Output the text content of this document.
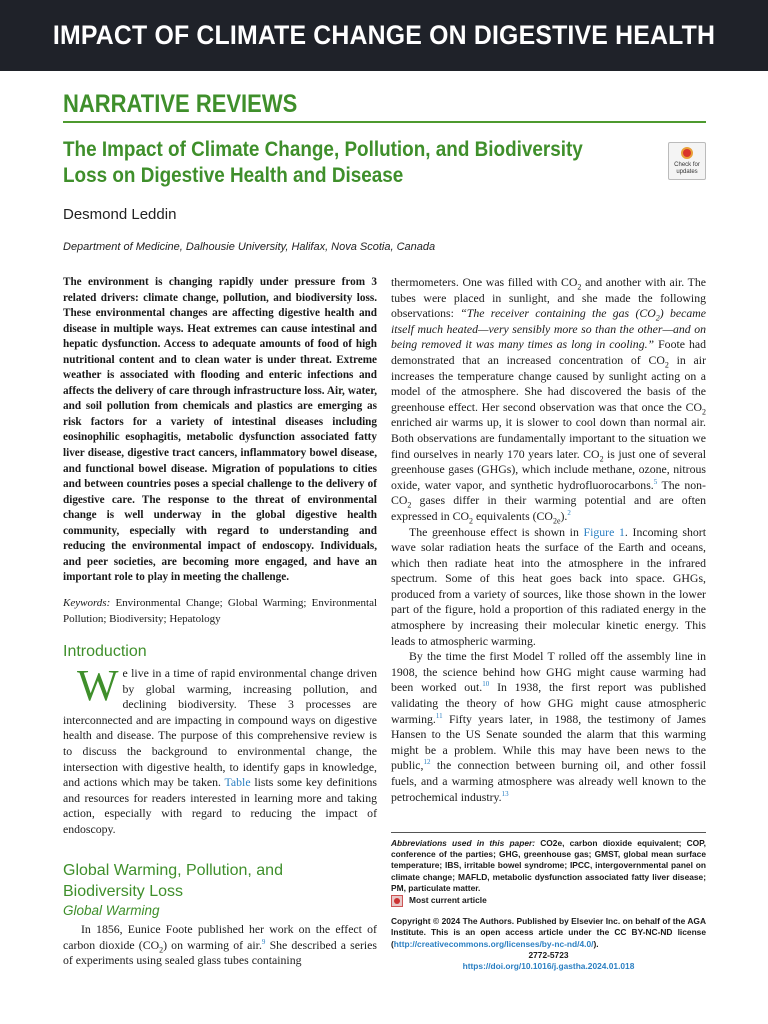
IMPACT OF CLIMATE CHANGE ON DIGESTIVE HEALTH
NARRATIVE REVIEWS
The Impact of Climate Change, Pollution, and Biodiversity
Loss on Digestive Health and Disease	Check for
updates
Desmond Leddin
Department of Medicine, Dalhousie University, Halifax, Nova Scotia, Canada
The environment is changing rapidly under pressure from 3 related drivers: climate change, pollution, and biodiversity loss. These environmental changes are affecting digestive health and disease in multiple ways. Heat extremes can cause intestinal and hepatic dysfunction. Access to adequate amounts of food of high nutritional content and to clean water is under threat. Extreme weather is associated with flooding and enteric infections and affects the delivery of care through infrastructure loss. Air, water, and soil pollution from chemicals and plastics are emerging as risk factors for a variety of intestinal diseases including eosinophilic esophagitis, metabolic dysfunction associated fatty liver disease, digestive tract cancers, inflammatory bowel disease, and functional bowel disease. Migration of populations to cities and between countries poses a special challenge to the delivery of digestive care. The response to the threat of environmental change is well underway in the global digestive health community, especially with regard to understanding and reducing the environmental impact of endoscopy. Individuals, and peer societies, are becoming more engaged, and have an important role to play in meeting the challenge.
Keywords: Environmental Change; Global Warming; Environmental Pollution; Biodiversity; Hepatology
Introduction

W e live in a time of rapid environmental change driven by global warming, increasing pollution, and declining biodiversity. These 3 processes are interconnected and are impacting in compound ways on digestive health and disease. The purpose of this comprehensive review is to discuss the background to environmental change, the intersection with digestive health, to identify gaps in knowledge, and actions which may be taken. Table lists some key definitions and resources for readers interested in learning more and taking action, especially with regard to reducing the impact of endoscopy.

Global Warming, Pollution, and
Biodiversity Loss
Global Warming

In 1856, Eunice Foote published her work on the effect of carbon dioxide $(CO_2)$ on warming of air.$^9$ She described a series of experiments using sealed glass tubes containing

thermometers. One was filled with $CO_2$ and another with air. The tubes were placed in sunlight, and she made the following observations: “The receiver containing the gas $(CO_2)$ became itself much heated—very sensibly more so than the other—and on being removed it was many times as long in cooling.” Foote had demonstrated that an increased concentration of $CO_2$ in air increases the temperature change caused by sunlight acting on a model of the atmosphere. She had discovered the basis of the greenhouse effect. Her second observation was that once the $CO_2$ enriched air warms up, it is slower to cool down than normal air. Both observations are fundamentally important to the situation we find ourselves in nearly 170 years later. $CO_2$ is just one of several greenhouse gases (GHGs), which include methane, ozone, nitrous oxide, water vapor, and synthetic hydrofluorocarbons.$^5$ The non-$CO_2$ gases differ in their warming potential and are often expressed in $CO_2$ equivalents $(CO_{2e}).^2$

The greenhouse effect is shown in Figure 1. Incoming short wave solar radiation heats the surface of the Earth and oceans, which then radiate heat into the atmosphere in the infrared spectrum. Some of this heat goes back into space. GHGs, produced from a variety of sources, like those shown in the lower part of the figure, hold a proportion of this radiated energy in the atmosphere by increasing their molecular kinetic energy. This leads to atmospheric warming.

By the time the first Model T rolled off the assembly line in 1908, the science behind how GHG might cause warming had been worked out.$^{10}$ In 1938, the first report was published validating the theory of how GHG might cause atmospheric warming.$^{11}$ Fifty years later, in 1988, the testimony of James Hansen to the US Senate sounded the alarm that this warming might be a problem. While this may have been news to the public,$^{12}$ the connection between burning oil, and other fossil fuels, and a warming atmosphere was already well known to the petrochemical industry.$^{13}$

Abbreviations used in this paper: CO2e, carbon dioxide equivalent; COP, conference of the parties; GHG, greenhouse gas; GMST, global mean surface temperature; IBS, irritable bowel syndrome; IPCC, intergovernmental panel on climate change; MAFLD, metabolic dysfunction associated fatty liver disease; PM, particulate matter.
Most current article
Copyright © 2024 The Authors. Published by Elsevier Inc. on behalf of the AGA Institute. This is an open access article under the CC BY-NC-ND license (http://creativecommons.org/licenses/by-nc-nd/4.0/).
2772-5723
https://doi.org/10.1016/j.gastha.2024.01.018
